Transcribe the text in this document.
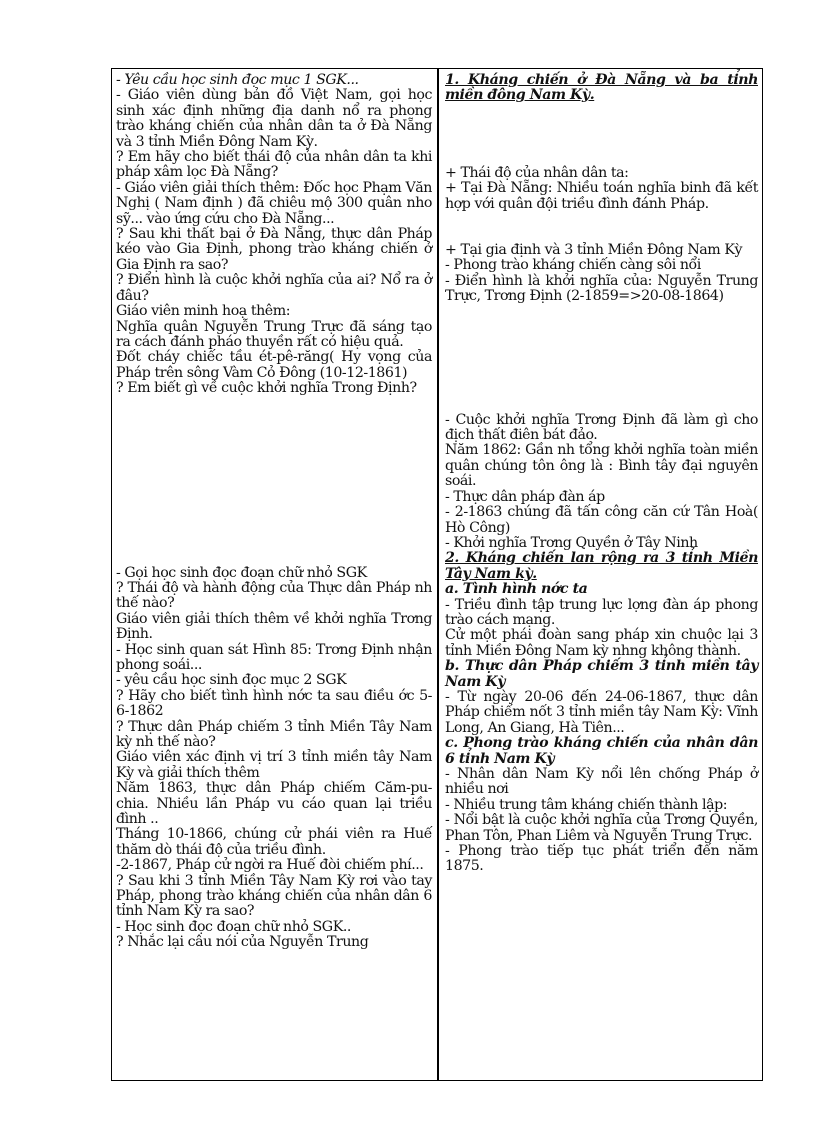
- Yêu cầu học sinh đọc mục 1 SGK...

- Giáo viên dùng bản đồ Việt Nam, gọi học sinh xác định những địa danh nổ ra phong trào kháng chiến của nhân dân ta ở Đà Nẵng và 3 tỉnh Miền Đông Nam Kỳ.

? Em hãy cho biết thái độ của nhân dân ta khi pháp xâm lọc Đà Nẵng?

- Giáo viên giải thích thêm: Đốc học Phạm Văn Nghị ( Nam định ) đã chiêu mộ 300 quân nho sỹ... vào ứng cứu cho Đà Nẵng...

? Sau khi thất bại ở Đà Nẵng, thực dân Pháp kéo vào Gia Định, phong trào kháng chiến ở Gia Định ra sao?

? Điển hình là cuộc khởi nghĩa của ai? Nổ ra ở đâu?

Giáo viên minh hoạ thêm:

Nghĩa quân Nguyễn Trung Trực đã sáng tạo ra cách đánh pháo thuyền rất có hiệu quả.

Đốt cháy chiếc tầu ét-pê-răng( Hy vọng của Pháp trên sông Vàm Cỏ Đông (10-12-1861)

? Em biết gì về cuộc khởi nghĩa Trong Định?

- Gọi học sinh đọc đoạn chữ nhỏ SGK

? Thái độ và hành động của Thực dân Pháp nh thế nào?

Giáo viên giải thích thêm về khởi nghĩa Trơng Định.

- Học sinh quan sát Hình 85: Trơng Định nhận phong soái...

- yêu cầu học sinh đọc mục 2 SGK

? Hãy cho biết tình hình nớc ta sau điều ớc 5-6-1862

? Thực dân Pháp chiếm 3 tỉnh Miền Tây Nam kỳ nh thế nào?

Giáo viên xác định vị trí 3 tỉnh miền tây Nam Kỳ và giải thích thêm

Năm 1863, thực dân Pháp chiếm Căm-pu-chia. Nhiều lần Pháp vu cáo quan lại triều đình ..

Tháng 10-1866, chúng cử phái viên ra Huế thăm dò thái độ của triều đình.

-2-1867, Pháp cử ngời ra Huế đòi chiếm phí...

? Sau khi 3 tỉnh Miền Tây Nam Kỳ rơi vào tay Pháp, phong trào kháng chiến của nhân dân 6 tỉnh Nam Kỳ ra sao?

- Học sinh đọc đoạn chữ nhỏ SGK..

? Nhắc lại câu nói của Nguyễn Trung

1. Kháng chiến ở Đà Nẵng và ba tỉnh miền đông Nam Kỳ.

+ Thái độ của nhân dân ta:

+ Tại Đà Nẵng: Nhiều toán nghĩa binh đã kết hợp với quân đội triều đình đánh Pháp.

+ Tại gia định và 3 tỉnh Miền Đông Nam Kỳ

- Phong trào kháng chiến càng sôi nổi

- Điển hình là khởi nghĩa của: Nguyễn Trung Trực, Trơng Định (2-1859=>20-08-1864)

- Cuộc khởi nghĩa Trơng Định đã làm gì cho địch thất điên bát đảo.

Năm 1862: Gần nh tổng khởi nghĩa toàn miền quân chúng tôn ông là : Bình tây đại nguyên soái.

- Thực dân pháp đàn áp

- 2-1863 chúng đã tấn công căn cứ Tân Hoà( Hò Công)

- Khởi nghĩa Trơng Quyền ở Tây Ninh

2. Kháng chiến lan rộng ra 3 tỉnh Miền Tây Nam kỳ.

a. Tình hình nớc ta

- Triều đình tập trung lực lợng đàn áp phong trào cách mạng.

Cử một phái đoàn sang pháp xin chuộc lại 3 tỉnh Miền Đông Nam kỳ nhng không thành.

b. Thực dân Pháp chiếm 3 tỉnh miền tây Nam Kỳ

- Từ ngày 20-06 đến 24-06-1867, thực dân Pháp chiếm nốt 3 tỉnh miền tây Nam Kỳ: Vĩnh Long, An Giang, Hà Tiên...

c. Phong trào kháng chiến của nhân dân 6 tỉnh Nam Kỳ

- Nhân dân Nam Kỳ nổi lên chống Pháp ở nhiều nơi

- Nhiều trung tâm kháng chiến thành lập:

- Nổi bật là cuộc khởi nghĩa của Trơng Quyền, Phan Tôn, Phan Liêm và Nguyễn Trung Trực.

- Phong trào tiếp tục phát triển đến năm 1875.
